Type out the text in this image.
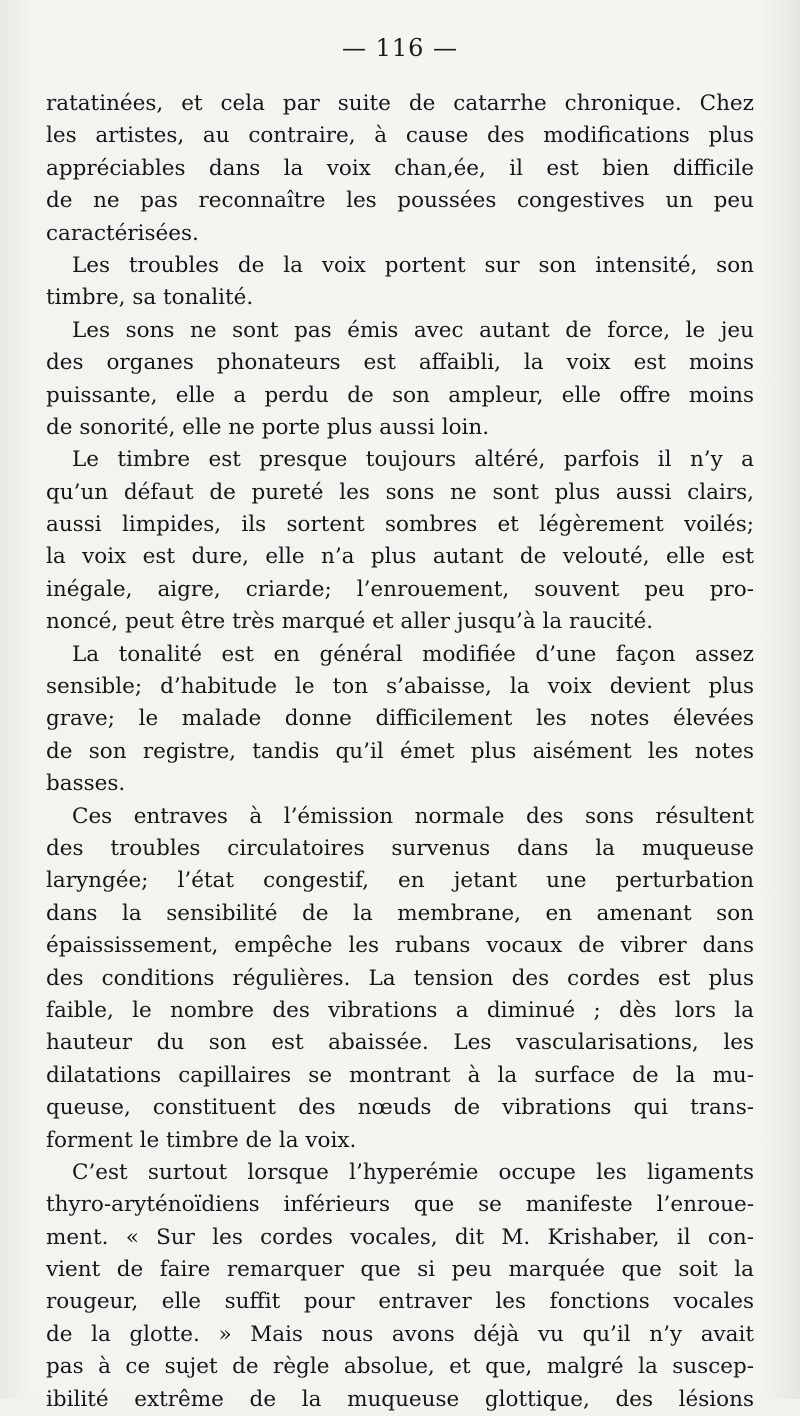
— 116 —
ratatinées, et cela par suite de catarrhe chronique. Chez
les artistes, au contraire, à cause des modifications plus
appréciables dans la voix chan,ée, il est bien difficile
de ne pas reconnaître les poussées congestives un peu
caractérisées.
Les troubles de la voix portent sur son intensité, son
timbre, sa tonalité.
Les sons ne sont pas émis avec autant de force, le jeu
des organes phonateurs est affaibli, la voix est moins
puissante, elle a perdu de son ampleur, elle offre moins
de sonorité, elle ne porte plus aussi loin.
Le timbre est presque toujours altéré, parfois il n’y a
qu’un défaut de pureté les sons ne sont plus aussi clairs,
aussi limpides, ils sortent sombres et légèrement voilés;
la voix est dure, elle n’a plus autant de velouté, elle est
inégale, aigre, criarde; l’enrouement, souvent peu pro-
noncé, peut être très marqué et aller jusqu’à la raucité.
La tonalité est en général modifiée d’une façon assez
sensible; d’habitude le ton s’abaisse, la voix devient plus
grave; le malade donne difficilement les notes élevées
de son registre, tandis qu’il émet plus aisément les notes
basses.
Ces entraves à l’émission normale des sons résultent
des troubles circulatoires survenus dans la muqueuse
laryngée; l’état congestif, en jetant une perturbation
dans la sensibilité de la membrane, en amenant son
épaississement, empêche les rubans vocaux de vibrer dans
des conditions régulières. La tension des cordes est plus
faible, le nombre des vibrations a diminué ; dès lors la
hauteur du son est abaissée. Les vascularisations, les
dilatations capillaires se montrant à la surface de la mu-
queuse, constituent des nœuds de vibrations qui trans-
forment le timbre de la voix.
C’est surtout lorsque l’hyperémie occupe les ligaments
thyro-aryténoïdiens inférieurs que se manifeste l’enroue-
ment. « Sur les cordes vocales, dit M. Krishaber, il con-
vient de faire remarquer que si peu marquée que soit la
rougeur, elle suffit pour entraver les fonctions vocales
de la glotte. » Mais nous avons déjà vu qu’il n’y avait
pas à ce sujet de règle absolue, et que, malgré la suscep-
ibilité extrême de la muqueuse glottique, des lésions
